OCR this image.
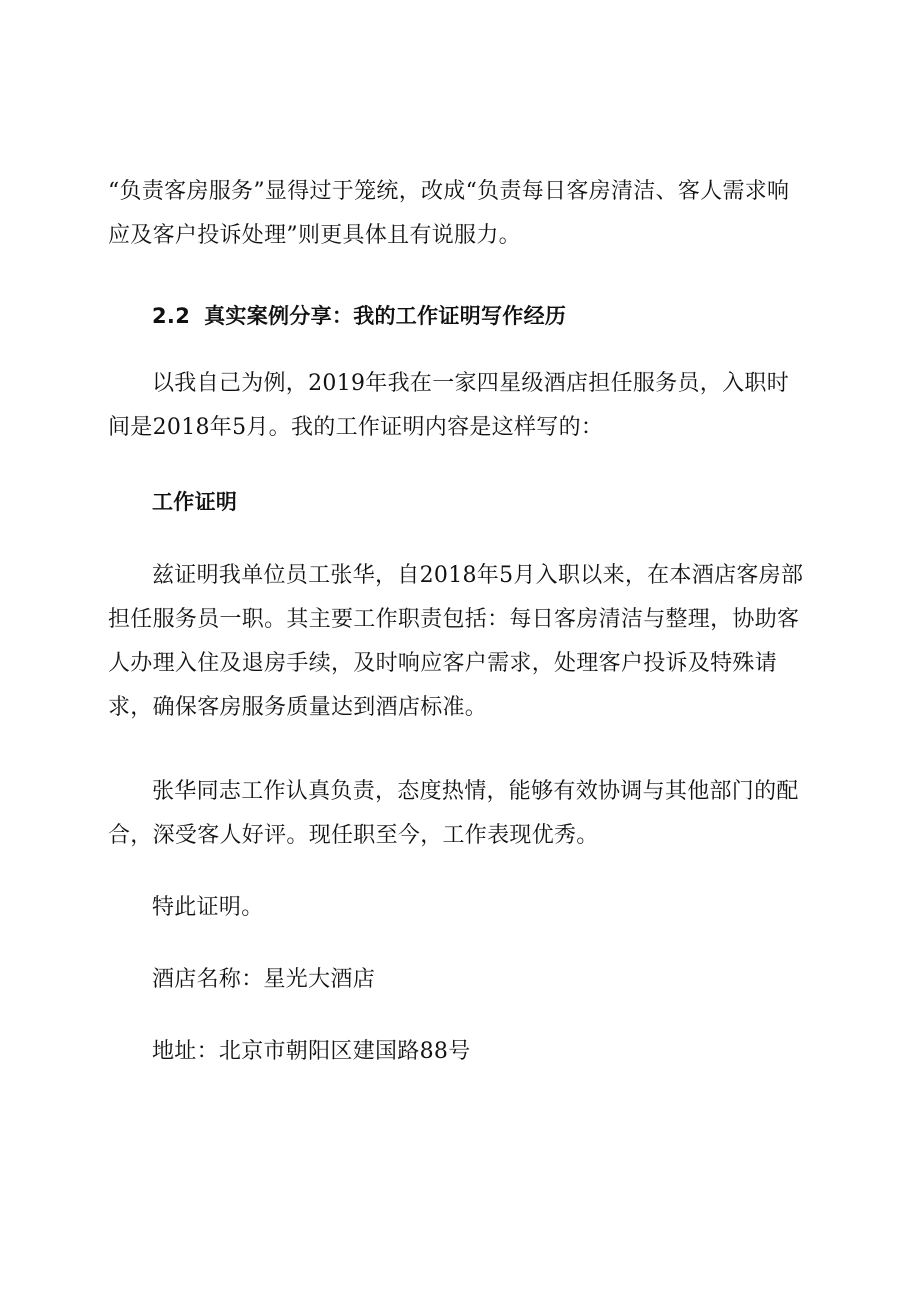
“负责客房服务”显得过于笼统，改成“负责每日客房清洁、客人需求响应及客户投诉处理”则更具体且有说服力。

2.2 真实案例分享：我的工作证明写作经历

以我自己为例，2019年我在一家四星级酒店担任服务员，入职时间是2018年5月。我的工作证明内容是这样写的：

工作证明

兹证明我单位员工张华，自2018年5月入职以来，在本酒店客房部担任服务员一职。其主要工作职责包括：每日客房清洁与整理，协助客人办理入住及退房手续，及时响应客户需求，处理客户投诉及特殊请求，确保客房服务质量达到酒店标准。

张华同志工作认真负责，态度热情，能够有效协调与其他部门的配合，深受客人好评。现任职至今，工作表现优秀。

特此证明。

酒店名称：星光大酒店

地址：北京市朝阳区建国路88号
